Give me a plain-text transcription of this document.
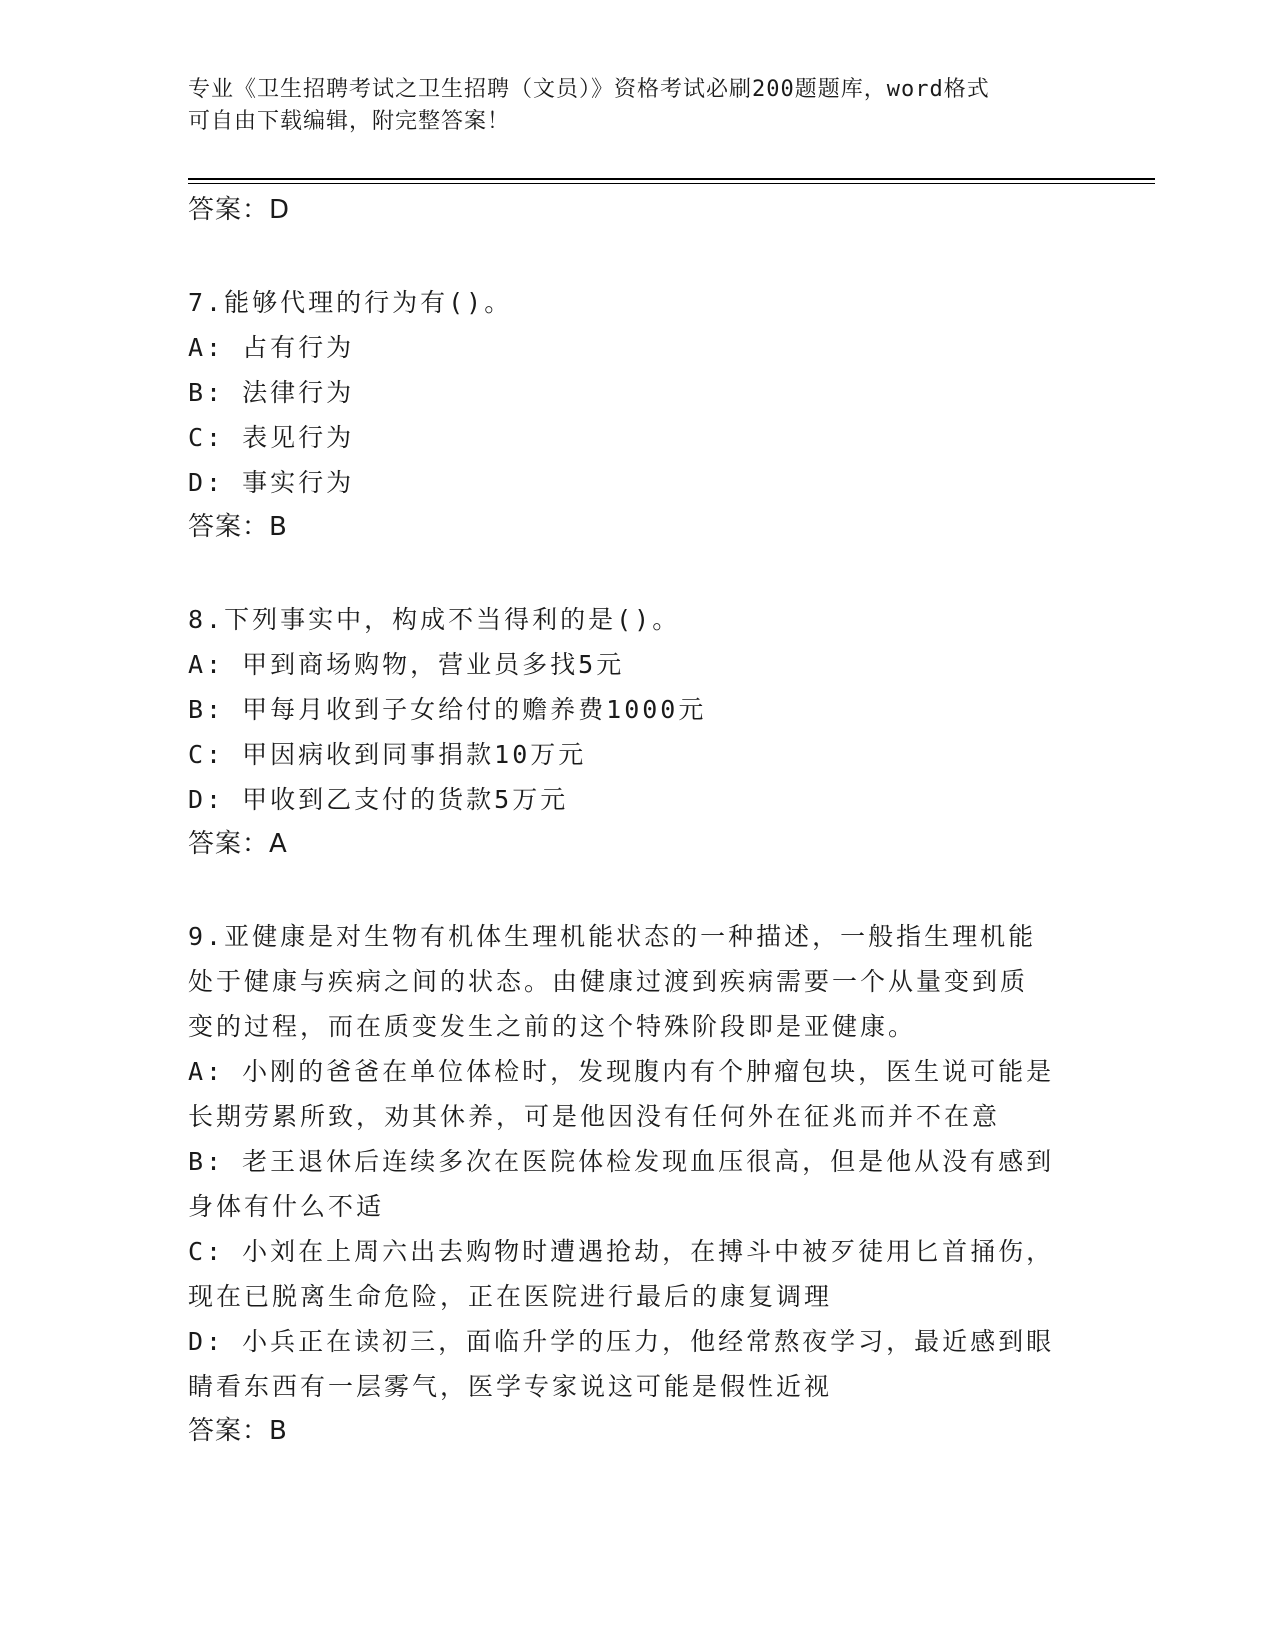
专业《卫生招聘考试之卫生招聘（文员）》资格考试必刷200题题库，word格式
可自由下载编辑，附完整答案！
答案：D
7.能够代理的行为有()。
A: 占有行为
B: 法律行为
C: 表见行为
D: 事实行为
答案：B
8.下列事实中，构成不当得利的是()。
A: 甲到商场购物，营业员多找5元
B: 甲每月收到子女给付的赡养费1000元
C: 甲因病收到同事捐款10万元
D: 甲收到乙支付的货款5万元
答案：A
9.亚健康是对生物有机体生理机能状态的一种描述，一般指生理机能
处于健康与疾病之间的状态。由健康过渡到疾病需要一个从量变到质
变的过程，而在质变发生之前的这个特殊阶段即是亚健康。
A: 小刚的爸爸在单位体检时，发现腹内有个肿瘤包块，医生说可能是
长期劳累所致，劝其休养，可是他因没有任何外在征兆而并不在意
B: 老王退休后连续多次在医院体检发现血压很高，但是他从没有感到
身体有什么不适
C: 小刘在上周六出去购物时遭遇抢劫，在搏斗中被歹徒用匕首捅伤，
现在已脱离生命危险，正在医院进行最后的康复调理
D: 小兵正在读初三，面临升学的压力，他经常熬夜学习，最近感到眼
睛看东西有一层雾气，医学专家说这可能是假性近视
答案：B
